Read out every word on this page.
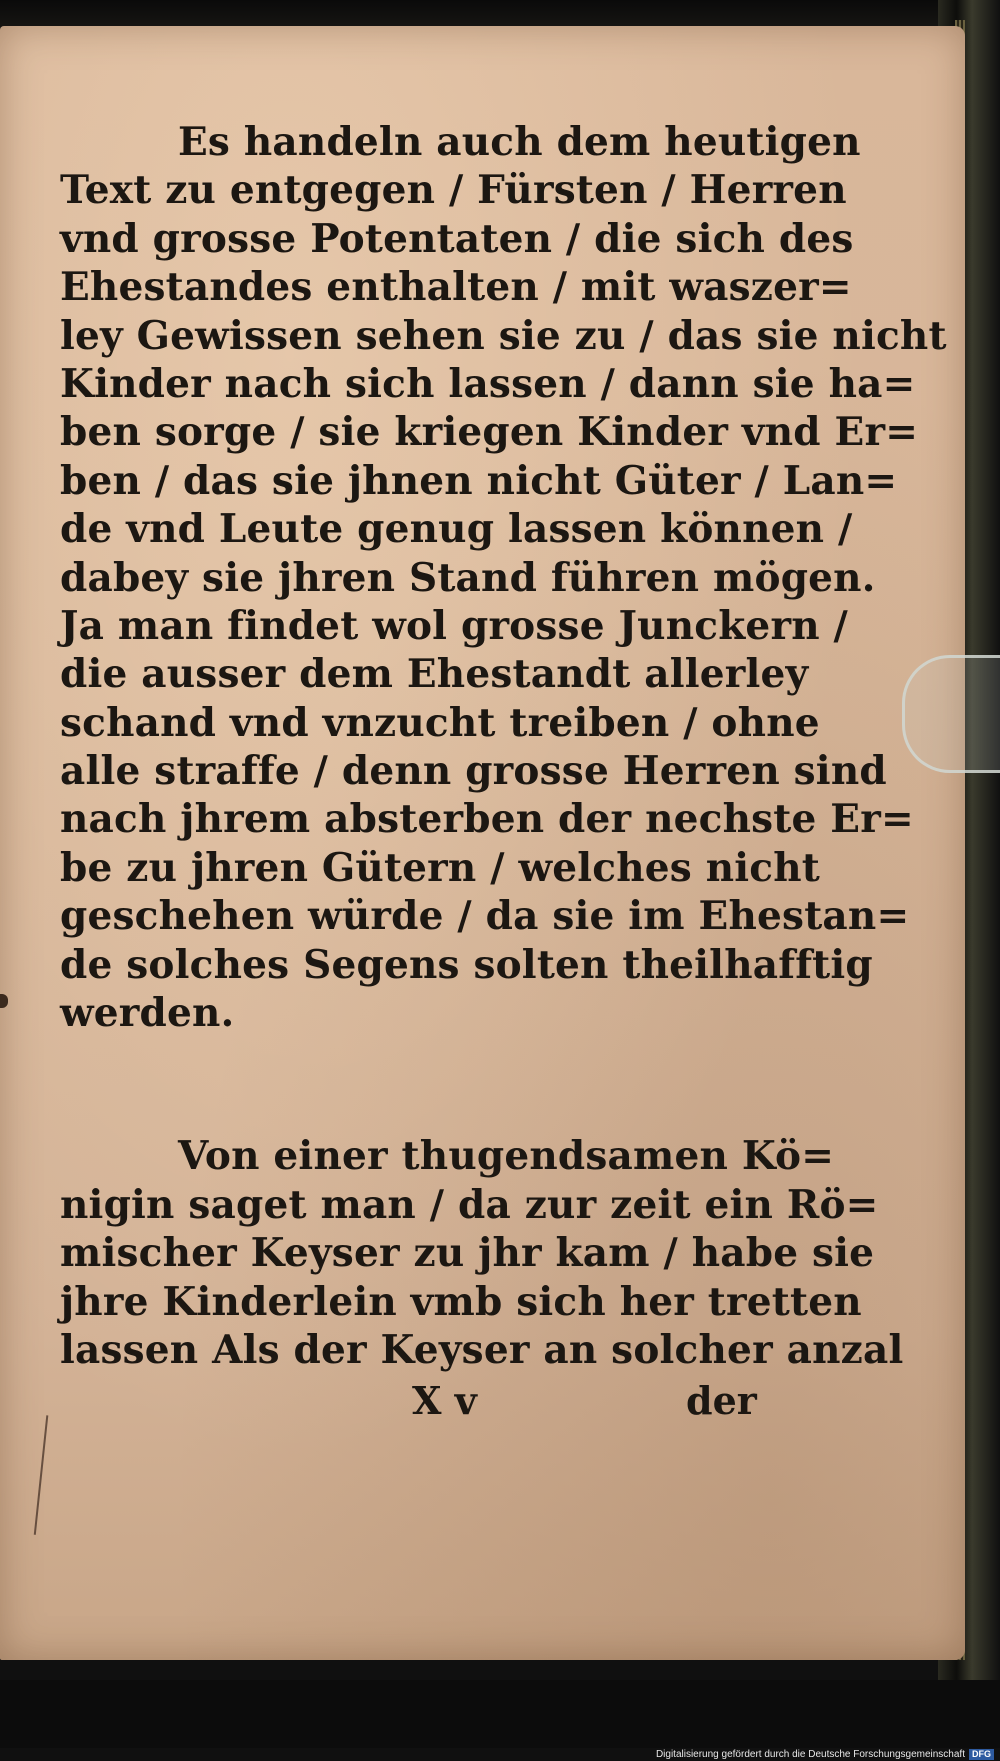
Es handeln auch dem heutigen
Text zu entgegen / Fürsten / Herren
vnd grosse Potentaten / die sich des
Ehestandes enthalten / mit waszer=
ley Gewissen sehen sie zu / das sie nicht
Kinder nach sich lassen / dann sie ha=
ben sorge / sie kriegen Kinder vnd Er=
ben / das sie jhnen nicht Güter / Lan=
de vnd Leute genug lassen können /
dabey sie jhren Stand führen mögen.
Ja man findet wol grosse Junckern /
die ausser dem Ehestandt allerley
schand vnd vnzucht treiben / ohne
alle straffe / denn grosse Herren sind
nach jhrem absterben der nechste Er=
be zu jhren Gütern / welches nicht
geschehen würde / da sie im Ehestan=
de solches Segens solten theilhafftig
werden.
Von einer thugendsamen Kö=
nigin saget man / da zur zeit ein Rö=
mischer Keyser zu jhr kam / habe sie
jhre Kinderlein vmb sich her tretten
lassen Als der Keyser an solcher anzal
X v	der
Digitalisierung gefördert durch die Deutsche Forschungsgemeinschaft DFG
